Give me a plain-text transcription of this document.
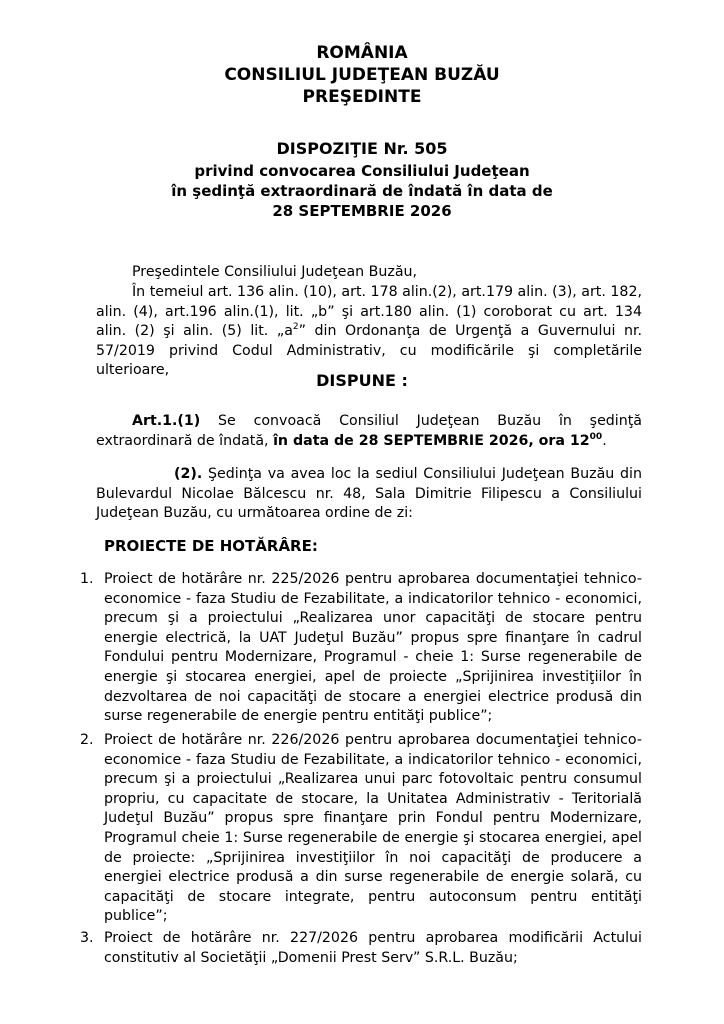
ROMÂNIA
CONSILIUL JUDEŢEAN BUZĂU
PREŞEDINTE
DISPOZIŢIE Nr. 505
privind convocarea Consiliului Judeţean
în şedinţă extraordinară de îndată în data de
28 SEPTEMBRIE 2026
Preşedintele Consiliului Judeţean Buzău,
În temeiul art. 136 alin. (10), art. 178 alin.(2), art.179 alin. (3), art. 182, alin. (4), art.196 alin.(1), lit. „b” şi art.180 alin. (1) coroborat cu art. 134 alin. (2) şi alin. (5) lit. $„a^2$” din Ordonanţa de Urgenţă a Guvernului nr. 57/2019 privind Codul Administrativ, cu modificările şi completările ulterioare,
DISPUNE :
Art.1.(1) Se convoacă Consiliul Judeţean Buzău în şedinţă extraordinară de îndată, în data de 28 SEPTEMBRIE 2026, ora $12^{00}$.
(2). Şedinţa va avea loc la sediul Consiliului Judeţean Buzău din Bulevardul Nicolae Bălcescu nr. 48, Sala Dimitrie Filipescu a Consiliului Judeţean Buzău, cu următoarea ordine de zi:
PROIECTE DE HOTĂRÂRE:
1. Proiect de hotărâre nr. 225/2026 pentru aprobarea documentaţiei tehnico- economice - faza Studiu de Fezabilitate, a indicatorilor tehnico - economici, precum şi a proiectului „Realizarea unor capacităţi de stocare pentru energie electrică, la UAT Judeţul Buzău” propus spre finanţare în cadrul Fondului pentru Modernizare, Programul - cheie 1: Surse regenerabile de energie şi stocarea energiei, apel de proiecte „Sprijinirea investiţiilor în dezvoltarea de noi capacităţi de stocare a energiei electrice produsă din surse regenerabile de energie pentru entităţi publice”;
2. Proiect de hotărâre nr. 226/2026 pentru aprobarea documentaţiei tehnico- economice - faza Studiu de Fezabilitate, a indicatorilor tehnico - economici, precum şi a proiectului „Realizarea unui parc fotovoltaic pentru consumul propriu, cu capacitate de stocare, la Unitatea Administrativ - Teritorială Judeţul Buzău” propus spre finanţare prin Fondul pentru Modernizare, Programul cheie 1: Surse regenerabile de energie şi stocarea energiei, apel de proiecte: „Sprijinirea investiţiilor în noi capacităţi de producere a energiei electrice produsă a din surse regenerabile de energie solară, cu capacităţi de stocare integrate, pentru autoconsum pentru entităţi publice”;
3. Proiect de hotărâre nr. 227/2026 pentru aprobarea modificării Actului constitutiv al Societăţii „Domenii Prest Serv” S.R.L. Buzău;
